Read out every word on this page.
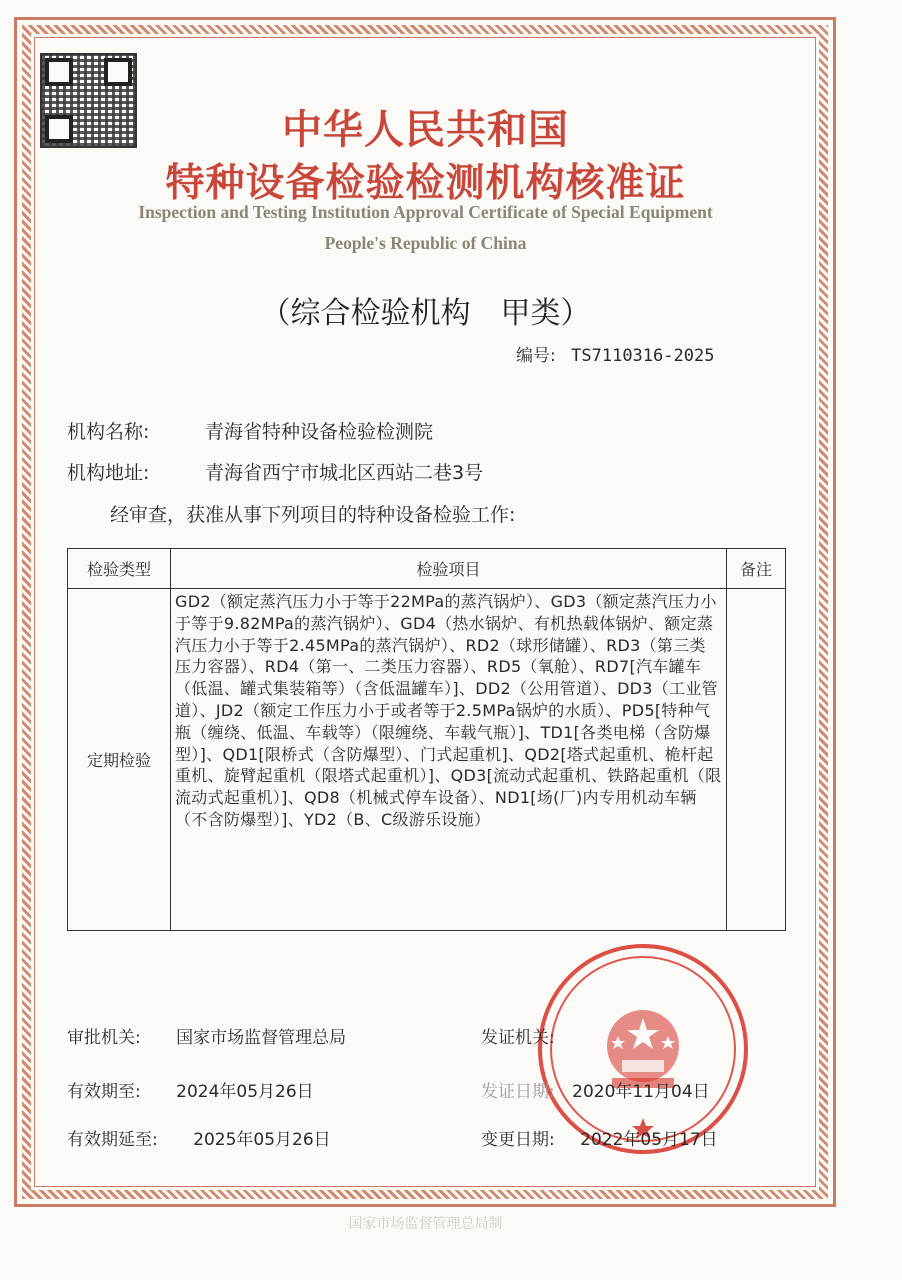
中华人民共和国
特种设备检验检测机构核准证
Inspection and Testing Institution Approval Certificate of Special Equipment
People's Republic of China
（综合检验机构　甲类）
编号: TS7110316-2025
机构名称:	青海省特种设备检验检测院
机构地址:	青海省西宁市城北区西站二巷3号
经审查，获准从事下列项目的特种设备检验工作:
检验类型	检验项目	备注
定期检验	GD2（额定蒸汽压力小于等于22MPa的蒸汽锅炉）、GD3（额定蒸汽压力小于等于9.82MPa的蒸汽锅炉）、GD4（热水锅炉、有机热载体锅炉、额定蒸汽压力小于等于2.45MPa的蒸汽锅炉）、RD2（球形储罐）、RD3（第三类压力容器）、RD4（第一、二类压力容器）、RD5（氧舱）、RD7[汽车罐车（低温、罐式集装箱等）（含低温罐车）]、DD2（公用管道）、DD3（工业管道）、JD2（额定工作压力小于或者等于2.5MPa锅炉的水质）、PD5[特种气瓶（缠绕、低温、车载等）（限缠绕、车载气瓶）]、TD1[各类电梯（含防爆型）]、QD1[限桥式（含防爆型）、门式起重机]、QD2[塔式起重机、桅杆起重机、旋臂起重机（限塔式起重机）]、QD3[流动式起重机、铁路起重机（限流动式起重机）]、QD8（机械式停车设备）、ND1[场(厂)内专用机动车辆（不含防爆型）]、YD2（B、C级游乐设施）	
审批机关: 国家市场监督管理总局	发证机关:
有效期至: 2024年05月26日	发证日期: 2020年11月04日
有效期延至: 2025年05月26日	变更日期: 2022年05月17日
国家市场监督管理总局制
